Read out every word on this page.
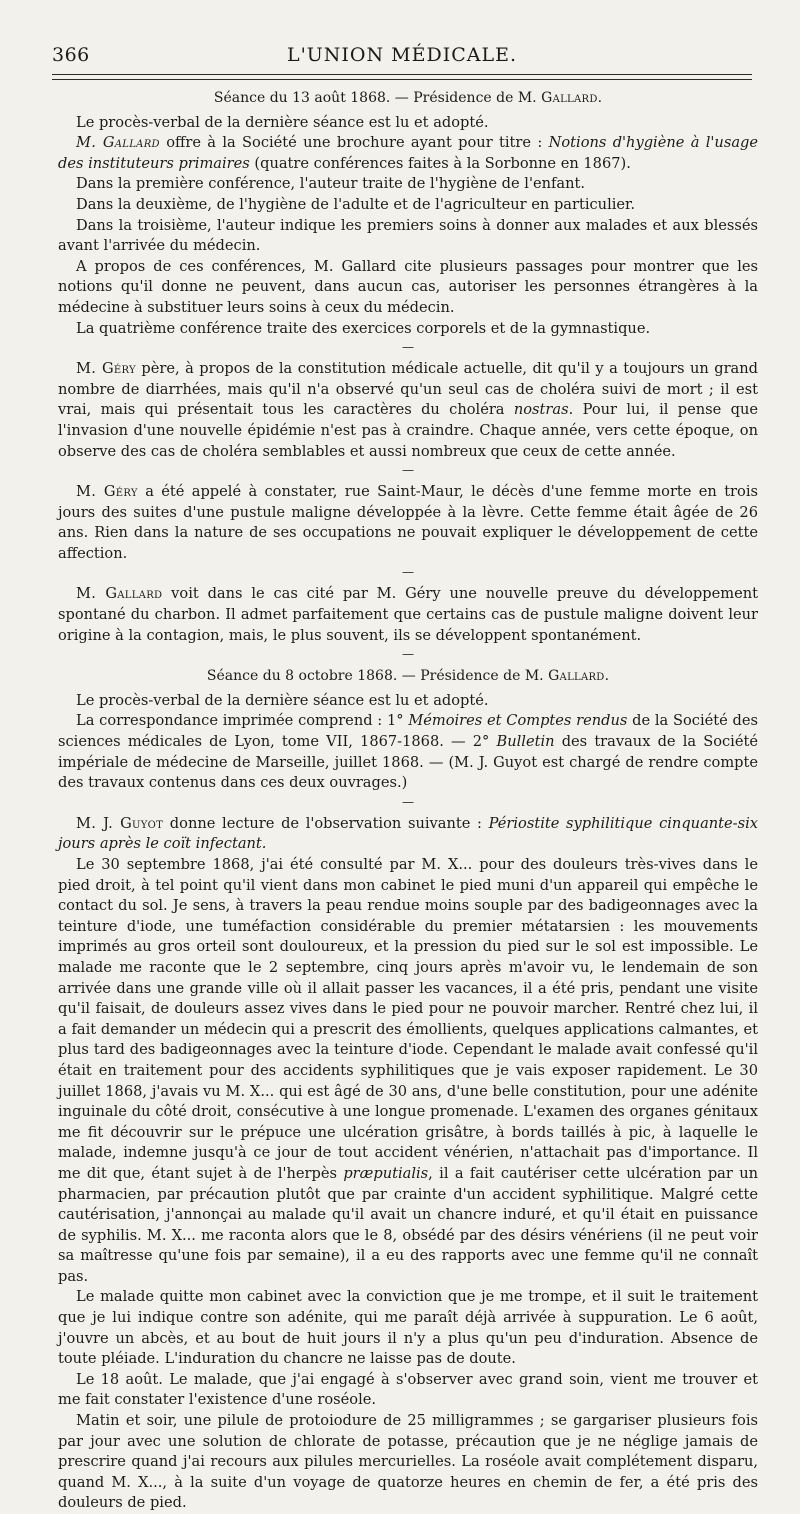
366	L'UNION MÉDICALE.

Séance du 13 août 1868. — Présidence de M. Gallard.

Le procès-verbal de la dernière séance est lu et adopté.

M. Gallard offre à la Société une brochure ayant pour titre : Notions d'hygiène à l'usage des instituteurs primaires (quatre conférences faites à la Sorbonne en 1867).

Dans la première conférence, l'auteur traite de l'hygiène de l'enfant.

Dans la deuxième, de l'hygiène de l'adulte et de l'agriculteur en particulier.

Dans la troisième, l'auteur indique les premiers soins à donner aux malades et aux blessés avant l'arrivée du médecin.

A propos de ces conférences, M. Gallard cite plusieurs passages pour montrer que les notions qu'il donne ne peuvent, dans aucun cas, autoriser les personnes étrangères à la médecine à substituer leurs soins à ceux du médecin.

La quatrième conférence traite des exercices corporels et de la gymnastique.

—

M. Géry père, à propos de la constitution médicale actuelle, dit qu'il y a toujours un grand nombre de diarrhées, mais qu'il n'a observé qu'un seul cas de choléra suivi de mort ; il est vrai, mais qui présentait tous les caractères du choléra nostras. Pour lui, il pense que l'invasion d'une nouvelle épidémie n'est pas à craindre. Chaque année, vers cette époque, on observe des cas de choléra semblables et aussi nombreux que ceux de cette année.

—

M. Géry a été appelé à constater, rue Saint-Maur, le décès d'une femme morte en trois jours des suites d'une pustule maligne développée à la lèvre. Cette femme était âgée de 26 ans. Rien dans la nature de ses occupations ne pouvait expliquer le développement de cette affection.

—

M. Gallard voit dans le cas cité par M. Géry une nouvelle preuve du développement spontané du charbon. Il admet parfaitement que certains cas de pustule maligne doivent leur origine à la contagion, mais, le plus souvent, ils se développent spontanément.

—

Séance du 8 octobre 1868. — Présidence de M. Gallard.

Le procès-verbal de la dernière séance est lu et adopté.

La correspondance imprimée comprend : 1° Mémoires et Comptes rendus de la Société des sciences médicales de Lyon, tome VII, 1867-1868. — 2° Bulletin des travaux de la Société impériale de médecine de Marseille, juillet 1868. — (M. J. Guyot est chargé de rendre compte des travaux contenus dans ces deux ouvrages.)

—

M. J. Guyot donne lecture de l'observation suivante : Périostite syphilitique cinquante-six jours après le coït infectant.

Le 30 septembre 1868, j'ai été consulté par M. X... pour des douleurs très-vives dans le pied droit, à tel point qu'il vient dans mon cabinet le pied muni d'un appareil qui empêche le contact du sol. Je sens, à travers la peau rendue moins souple par des badigeonnages avec la teinture d'iode, une tuméfaction considérable du premier métatarsien : les mouvements imprimés au gros orteil sont douloureux, et la pression du pied sur le sol est impossible. Le malade me raconte que le 2 septembre, cinq jours après m'avoir vu, le lendemain de son arrivée dans une grande ville où il allait passer les vacances, il a été pris, pendant une visite qu'il faisait, de douleurs assez vives dans le pied pour ne pouvoir marcher. Rentré chez lui, il a fait demander un médecin qui a prescrit des émollients, quelques applications calmantes, et plus tard des badigeonnages avec la teinture d'iode. Cependant le malade avait confessé qu'il était en traitement pour des accidents syphilitiques que je vais exposer rapidement. Le 30 juillet 1868, j'avais vu M. X... qui est âgé de 30 ans, d'une belle constitution, pour une adénite inguinale du côté droit, consécutive à une longue promenade. L'examen des organes génitaux me fit découvrir sur le prépuce une ulcération grisâtre, à bords taillés à pic, à laquelle le malade, indemne jusqu'à ce jour de tout accident vénérien, n'attachait pas d'importance. Il me dit que, étant sujet à de l'herpès præputialis, il a fait cautériser cette ulcération par un pharmacien, par précaution plutôt que par crainte d'un accident syphilitique. Malgré cette cautérisation, j'annonçai au malade qu'il avait un chancre induré, et qu'il était en puissance de syphilis. M. X... me raconta alors que le 8, obsédé par des désirs vénériens (il ne peut voir sa maîtresse qu'une fois par semaine), il a eu des rapports avec une femme qu'il ne connaît pas.

Le malade quitte mon cabinet avec la conviction que je me trompe, et il suit le traitement que je lui indique contre son adénite, qui me paraît déjà arrivée à suppuration. Le 6 août, j'ouvre un abcès, et au bout de huit jours il n'y a plus qu'un peu d'induration. Absence de toute pléiade. L'induration du chancre ne laisse pas de doute.

Le 18 août. Le malade, que j'ai engagé à s'observer avec grand soin, vient me trouver et me fait constater l'existence d'une roséole.

Matin et soir, une pilule de protoiodure de 25 milligrammes ; se gargariser plusieurs fois par jour avec une solution de chlorate de potasse, précaution que je ne néglige jamais de prescrire quand j'ai recours aux pilules mercurielles. La roséole avait complétement disparu, quand M. X..., à la suite d'un voyage de quatorze heures en chemin de fer, a été pris des douleurs de pied.
